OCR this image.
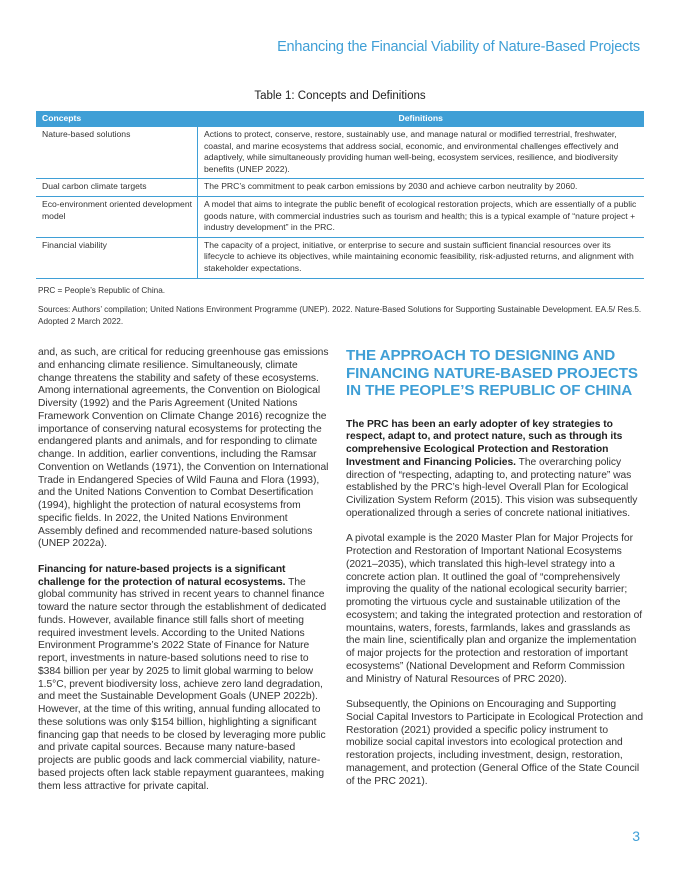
Enhancing the Financial Viability of Nature-Based Projects
Table 1: Concepts and Definitions
Concepts	Definitions
Nature-based solutions	Actions to protect, conserve, restore, sustainably use, and manage natural or modified terrestrial, freshwater, coastal, and marine ecosystems that address social, economic, and environmental challenges effectively and adaptively, while simultaneously providing human well-being, ecosystem services, resilience, and biodiversity benefits (UNEP 2022).
Dual carbon climate targets	The PRC’s commitment to peak carbon emissions by 2030 and achieve carbon neutrality by 2060.
Eco-environment oriented development model	A model that aims to integrate the public benefit of ecological restoration projects, which are essentially of a public goods nature, with commercial industries such as tourism and health; this is a typical example of “nature project + industry development” in the PRC.
Financial viability	The capacity of a project, initiative, or enterprise to secure and sustain sufficient financial resources over its lifecycle to achieve its objectives, while maintaining economic feasibility, risk-adjusted returns, and alignment with stakeholder expectations.
PRC = People’s Republic of China.
Sources: Authors’ compilation; United Nations Environment Programme (UNEP). 2022. Nature-Based Solutions for Supporting Sustainable Development. EA.5/ Res.5. Adopted 2 March 2022.

and, as such, are critical for reducing greenhouse gas emissions and enhancing climate resilience. Simultaneously, climate change threatens the stability and safety of these ecosystems. Among international agreements, the Convention on Biological Diversity (1992) and the Paris Agreement (United Nations Framework Convention on Climate Change 2016) recognize the importance of conserving natural ecosystems for protecting the endangered plants and animals, and for responding to climate change. In addition, earlier conventions, including the Ramsar Convention on Wetlands (1971), the Convention on International Trade in Endangered Species of Wild Fauna and Flora (1993), and the United Nations Convention to Combat Desertification (1994), highlight the protection of natural ecosystems from specific fields. In 2022, the United Nations Environment Assembly defined and recommended nature-based solutions (UNEP 2022a).

Financing for nature-based projects is a significant challenge for the protection of natural ecosystems. The global community has strived in recent years to channel finance toward the nature sector through the establishment of dedicated funds. However, available finance still falls short of meeting required investment levels. According to the United Nations Environment Programme’s 2022 State of Finance for Nature report, investments in nature-based solutions need to rise to $384 billion per year by 2025 to limit global warming to below 1.5°C, prevent biodiversity loss, achieve zero land degradation, and meet the Sustainable Development Goals (UNEP 2022b). However, at the time of this writing, annual funding allocated to these solutions was only $154 billion, highlighting a significant financing gap that needs to be closed by leveraging more public and private capital sources. Because many nature-based projects are public goods and lack commercial viability, nature-based projects often lack stable repayment guarantees, making them less attractive for private capital.

THE APPROACH TO DESIGNING AND FINANCING NATURE-BASED PROJECTS IN THE PEOPLE’S REPUBLIC OF CHINA

The PRC has been an early adopter of key strategies to respect, adapt to, and protect nature, such as through its comprehensive Ecological Protection and Restoration Investment and Financing Policies. The overarching policy direction of “respecting, adapting to, and protecting nature” was established by the PRC’s high-level Overall Plan for Ecological Civilization System Reform (2015). This vision was subsequently operationalized through a series of concrete national initiatives.

A pivotal example is the 2020 Master Plan for Major Projects for Protection and Restoration of Important National Ecosystems (2021–2035), which translated this high-level strategy into a concrete action plan. It outlined the goal of “comprehensively improving the quality of the national ecological security barrier; promoting the virtuous cycle and sustainable utilization of the ecosystem; and taking the integrated protection and restoration of mountains, waters, forests, farmlands, lakes and grasslands as the main line, scientifically plan and organize the implementation of major projects for the protection and restoration of important ecosystems” (National Development and Reform Commission and Ministry of Natural Resources of PRC 2020).

Subsequently, the Opinions on Encouraging and Supporting Social Capital Investors to Participate in Ecological Protection and Restoration (2021) provided a specific policy instrument to mobilize social capital investors into ecological protection and restoration projects, including investment, design, restoration, management, and protection (General Office of the State Council of the PRC 2021).

3
